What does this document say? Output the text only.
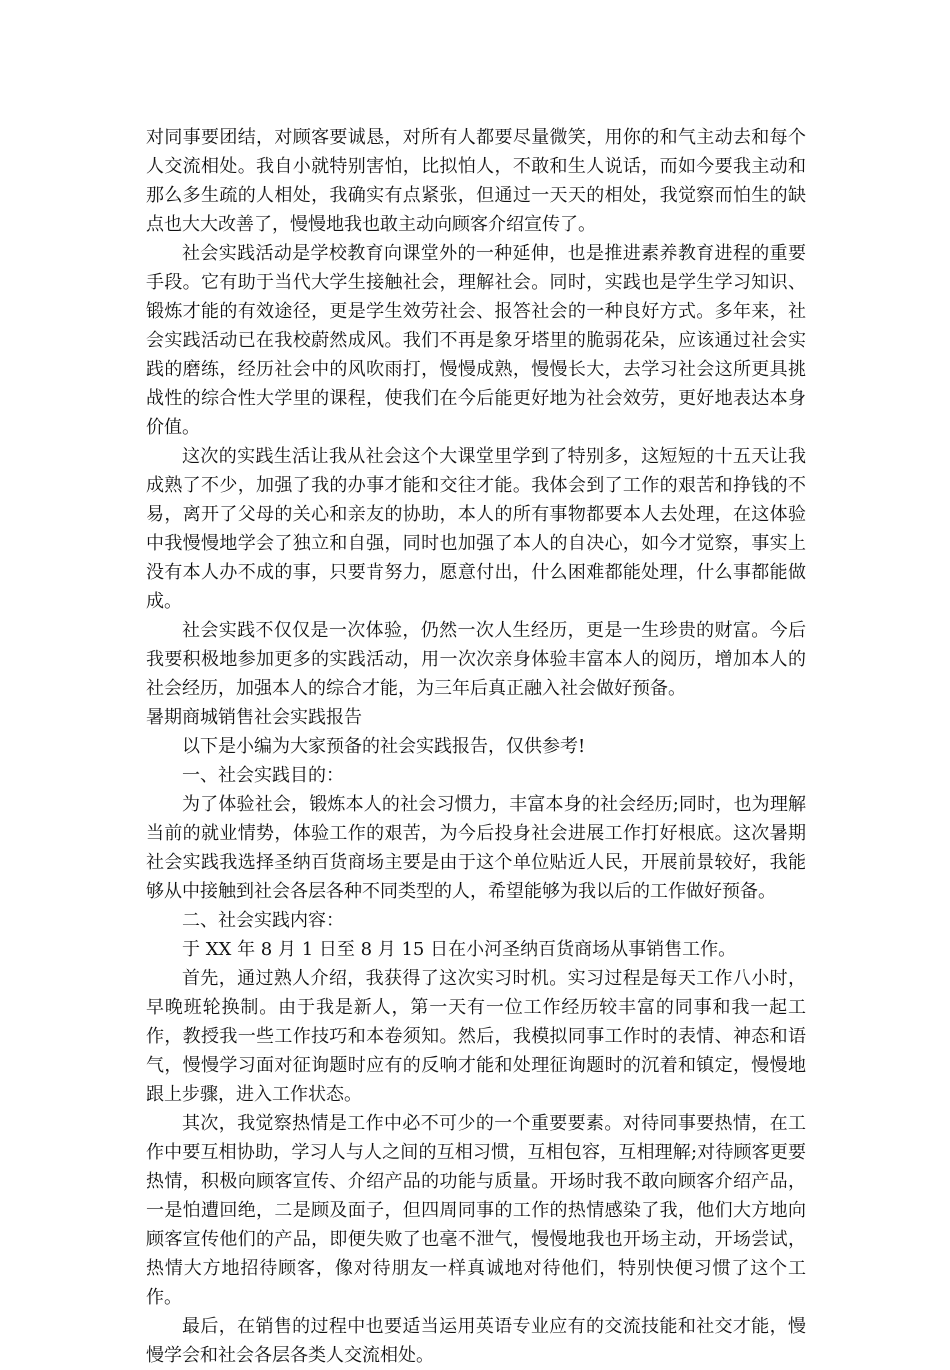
对同事要团结，对顾客要诚恳，对所有人都要尽量微笑，用你的和气主动去和每个人交流相处。我自小就特别害怕，比拟怕人，不敢和生人说话，而如今要我主动和那么多生疏的人相处，我确实有点紧张，但通过一天天的相处，我觉察而怕生的缺点也大大改善了，慢慢地我也敢主动向顾客介绍宣传了。

社会实践活动是学校教育向课堂外的一种延伸，也是推进素养教育进程的重要手段。它有助于当代大学生接触社会，理解社会。同时，实践也是学生学习知识、锻炼才能的有效途径，更是学生效劳社会、报答社会的一种良好方式。多年来，社会实践活动已在我校蔚然成风。我们不再是象牙塔里的脆弱花朵，应该通过社会实践的磨练，经历社会中的风吹雨打，慢慢成熟，慢慢长大，去学习社会这所更具挑战性的综合性大学里的课程，使我们在今后能更好地为社会效劳，更好地表达本身价值。

这次的实践生活让我从社会这个大课堂里学到了特别多，这短短的十五天让我成熟了不少，加强了我的办事才能和交往才能。我体会到了工作的艰苦和挣钱的不易，离开了父母的关心和亲友的协助，本人的所有事物都要本人去处理，在这体验中我慢慢地学会了独立和自强，同时也加强了本人的自决心，如今才觉察，事实上没有本人办不成的事，只要肯努力，愿意付出，什么困难都能处理，什么事都能做成。

社会实践不仅仅是一次体验，仍然一次人生经历，更是一生珍贵的财富。今后我要积极地参加更多的实践活动，用一次次亲身体验丰富本人的阅历，增加本人的社会经历，加强本人的综合才能，为三年后真正融入社会做好预备。

暑期商城销售社会实践报告

以下是小编为大家预备的社会实践报告，仅供参考!

一、社会实践目的：

为了体验社会，锻炼本人的社会习惯力，丰富本身的社会经历;同时，也为理解当前的就业情势，体验工作的艰苦，为今后投身社会进展工作打好根底。这次暑期社会实践我选择圣纳百货商场主要是由于这个单位贴近人民，开展前景较好，我能够从中接触到社会各层各种不同类型的人，希望能够为我以后的工作做好预备。

二、社会实践内容：

于 XX 年 8 月 1 日至 8 月 15 日在小河圣纳百货商场从事销售工作。

首先，通过熟人介绍，我获得了这次实习时机。实习过程是每天工作八小时，早晚班轮换制。由于我是新人，第一天有一位工作经历较丰富的同事和我一起工作，教授我一些工作技巧和本卷须知。然后，我模拟同事工作时的表情、神态和语气，慢慢学习面对征询题时应有的反响才能和处理征询题时的沉着和镇定，慢慢地跟上步骤，进入工作状态。

其次，我觉察热情是工作中必不可少的一个重要要素。对待同事要热情，在工作中要互相协助，学习人与人之间的互相习惯，互相包容，互相理解;对待顾客更要热情，积极向顾客宣传、介绍产品的功能与质量。开场时我不敢向顾客介绍产品，一是怕遭回绝，二是顾及面子，但四周同事的工作的热情感染了我，他们大方地向顾客宣传他们的产品，即便失败了也毫不泄气，慢慢地我也开场主动，开场尝试，热情大方地招待顾客，像对待朋友一样真诚地对待他们，特别快便习惯了这个工作。

最后，在销售的过程中也要适当运用英语专业应有的交流技能和社交才能，慢慢学会和社会各层各类人交流相处。
